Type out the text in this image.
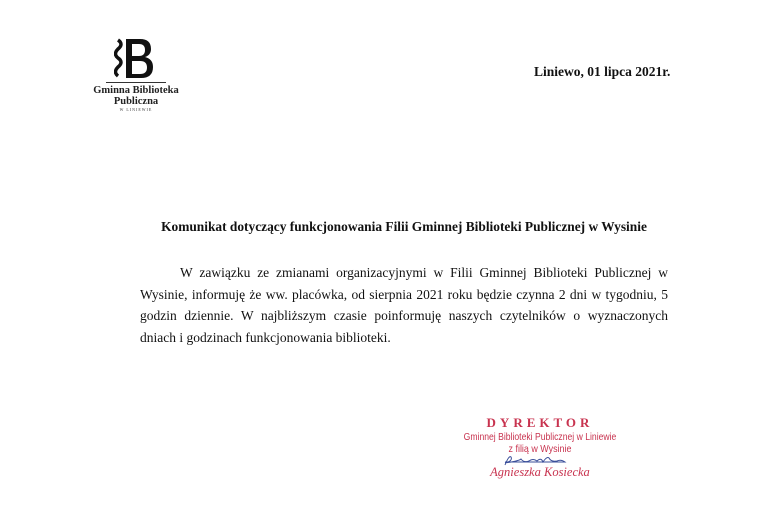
Gminna Biblioteka
Publiczna
W LINIEWIE
Liniewo, 01 lipca 2021r.
Komunikat dotyczący funkcjonowania Filii Gminnej Biblioteki Publicznej w Wysinie
W zawiązku ze zmianami organizacyjnymi w Filii Gminnej Biblioteki Publicznej w Wysinie, informuję że ww. placówka, od sierpnia 2021 roku będzie czynna 2 dni w tygodniu, 5 godzin dziennie. W najbliższym czasie poinformuję naszych czytelników o wyznaczonych dniach i godzinach funkcjonowania biblioteki.
DYREKTOR
Gminnej Biblioteki Publicznej w Liniewie
z filią w Wysinie
Agnieszka Kosiecka
